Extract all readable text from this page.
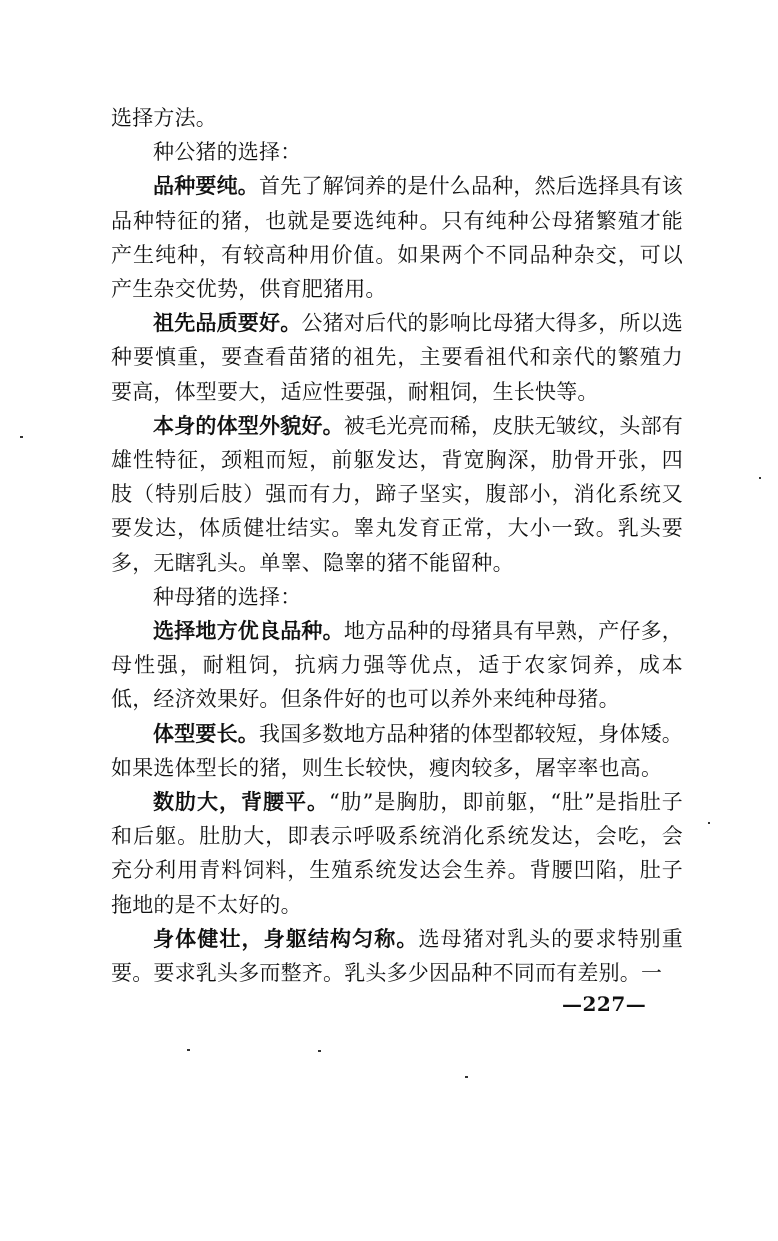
选择方法。

种公猪的选择：

品种要纯。首先了解饲养的是什么品种，然后选择具有该品种特征的猪，也就是要选纯种。只有纯种公母猪繁殖才能产生纯种，有较高种用价值。如果两个不同品种杂交，可以产生杂交优势，供育肥猪用。

祖先品质要好。公猪对后代的影响比母猪大得多，所以选种要慎重，要查看苗猪的祖先，主要看祖代和亲代的繁殖力要高，体型要大，适应性要强，耐粗饲，生长快等。

本身的体型外貌好。被毛光亮而稀，皮肤无皱纹，头部有雄性特征，颈粗而短，前躯发达，背宽胸深，肋骨开张，四肢（特别后肢）强而有力，蹄子坚实，腹部小，消化系统又要发达，体质健壮结实。睾丸发育正常，大小一致。乳头要多，无瞎乳头。单睾、隐睾的猪不能留种。

种母猪的选择：

选择地方优良品种。地方品种的母猪具有早熟，产仔多，母性强，耐粗饲，抗病力强等优点，适于农家饲养，成本低，经济效果好。但条件好的也可以养外来纯种母猪。

体型要长。我国多数地方品种猪的体型都较短，身体矮。如果选体型长的猪，则生长较快，瘦肉较多，屠宰率也高。

数肋大，背腰平。“肋”是胸肋，即前躯，“肚”是指肚子和后躯。肚肋大，即表示呼吸系统消化系统发达，会吃，会充分利用青料饲料，生殖系统发达会生养。背腰凹陷，肚子拖地的是不太好的。

身体健壮，身躯结构匀称。选母猪对乳头的要求特别重要。要求乳头多而整齐。乳头多少因品种不同而有差别。一

—227—
